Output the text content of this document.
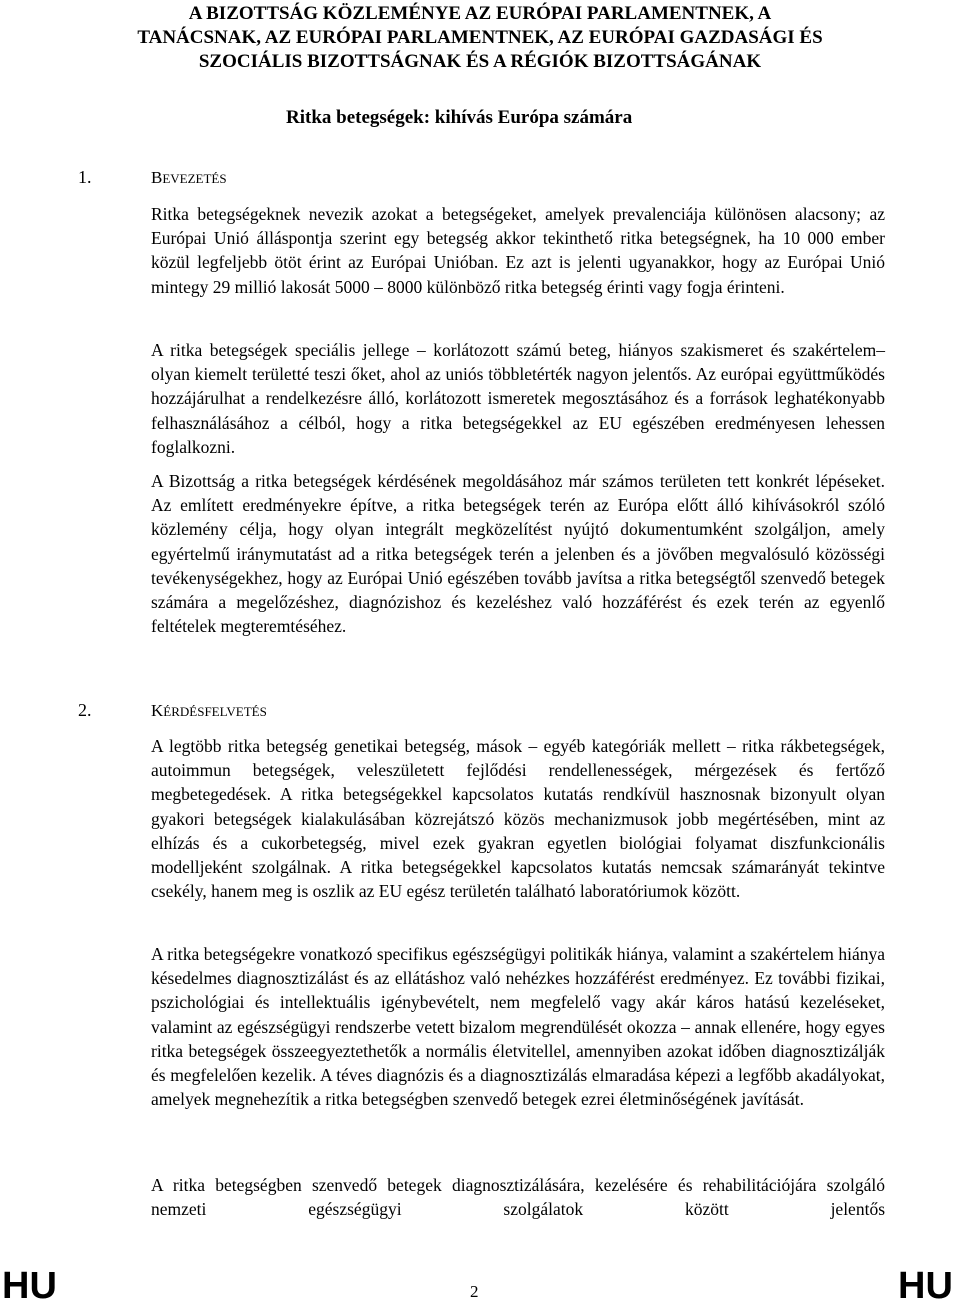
A BIZOTTSÁG KÖZLEMÉNYE AZ EURÓPAI PARLAMENTNEK, A
TANÁCSNAK, AZ EURÓPAI PARLAMENTNEK, AZ EURÓPAI GAZDASÁGI ÉS
SZOCIÁLIS BIZOTTSÁGNAK ÉS A RÉGIÓK BIZOTTSÁGÁNAK
Ritka betegségek: kihívás Európa számára
1.	BEVEZETÉS

Ritka betegségeknek nevezik azokat a betegségeket, amelyek prevalenciája különösen alacsony; az Európai Unió álláspontja szerint egy betegség akkor tekinthető ritka betegségnek, ha 10 000 ember közül legfeljebb ötöt érint az Európai Unióban. Ez azt is jelenti ugyanakkor, hogy az Európai Unió mintegy 29 millió lakosát 5000 – 8000 különböző ritka betegség érinti vagy fogja érinteni.

A ritka betegségek speciális jellege – korlátozott számú beteg, hiányos szakismeret és szakértelem– olyan kiemelt területté teszi őket, ahol az uniós többletérték nagyon jelentős. Az európai együttműködés hozzájárulhat a rendelkezésre álló, korlátozott ismeretek megosztásához és a források leghatékonyabb felhasználásához a célból, hogy a ritka betegségekkel az EU egészében eredményesen lehessen foglalkozni.

A Bizottság a ritka betegségek kérdésének megoldásához már számos területen tett konkrét lépéseket. Az említett eredményekre építve, a ritka betegségek terén az Európa előtt álló kihívásokról szóló közlemény célja, hogy olyan integrált megközelítést nyújtó dokumentumként szolgáljon, amely egyértelmű iránymutatást ad a ritka betegségek terén a jelenben és a jövőben megvalósuló közösségi tevékenységekhez, hogy az Európai Unió egészében tovább javítsa a ritka betegségtől szenvedő betegek számára a megelőzéshez, diagnózishoz és kezeléshez való hozzáférést és ezek terén az egyenlő feltételek megteremtéséhez.

2.	KÉRDÉSFELVETÉS

A legtöbb ritka betegség genetikai betegség, mások – egyéb kategóriák mellett – ritka rákbetegségek, autoimmun betegségek, veleszületett fejlődési rendellenességek, mérgezések és fertőző megbetegedések. A ritka betegségekkel kapcsolatos kutatás rendkívül hasznosnak bizonyult olyan gyakori betegségek kialakulásában közrejátszó közös mechanizmusok jobb megértésében, mint az elhízás és a cukorbetegség, mivel ezek gyakran egyetlen biológiai folyamat diszfunkcionális modelljeként szolgálnak. A ritka betegségekkel kapcsolatos kutatás nemcsak számarányát tekintve csekély, hanem meg is oszlik az EU egész területén található laboratóriumok között.

A ritka betegségekre vonatkozó specifikus egészségügyi politikák hiánya, valamint a szakértelem hiánya késedelmes diagnosztizálást és az ellátáshoz való nehézkes hozzáférést eredményez. Ez további fizikai, pszichológiai és intellektuális igénybevételt, nem megfelelő vagy akár káros hatású kezeléseket, valamint az egészségügyi rendszerbe vetett bizalom megrendülését okozza – annak ellenére, hogy egyes ritka betegségek összeegyeztethetők a normális életvitellel, amennyiben azokat időben diagnosztizálják és megfelelően kezelik. A téves diagnózis és a diagnosztizálás elmaradása képezi a legfőbb akadályokat, amelyek megnehezítik a ritka betegségben szenvedő betegek ezrei életminőségének javítását.

A ritka betegségben szenvedő betegek diagnosztizálására, kezelésére és rehabilitációjára szolgáló nemzeti egészségügyi szolgálatok között jelentős

HU	2	HU
